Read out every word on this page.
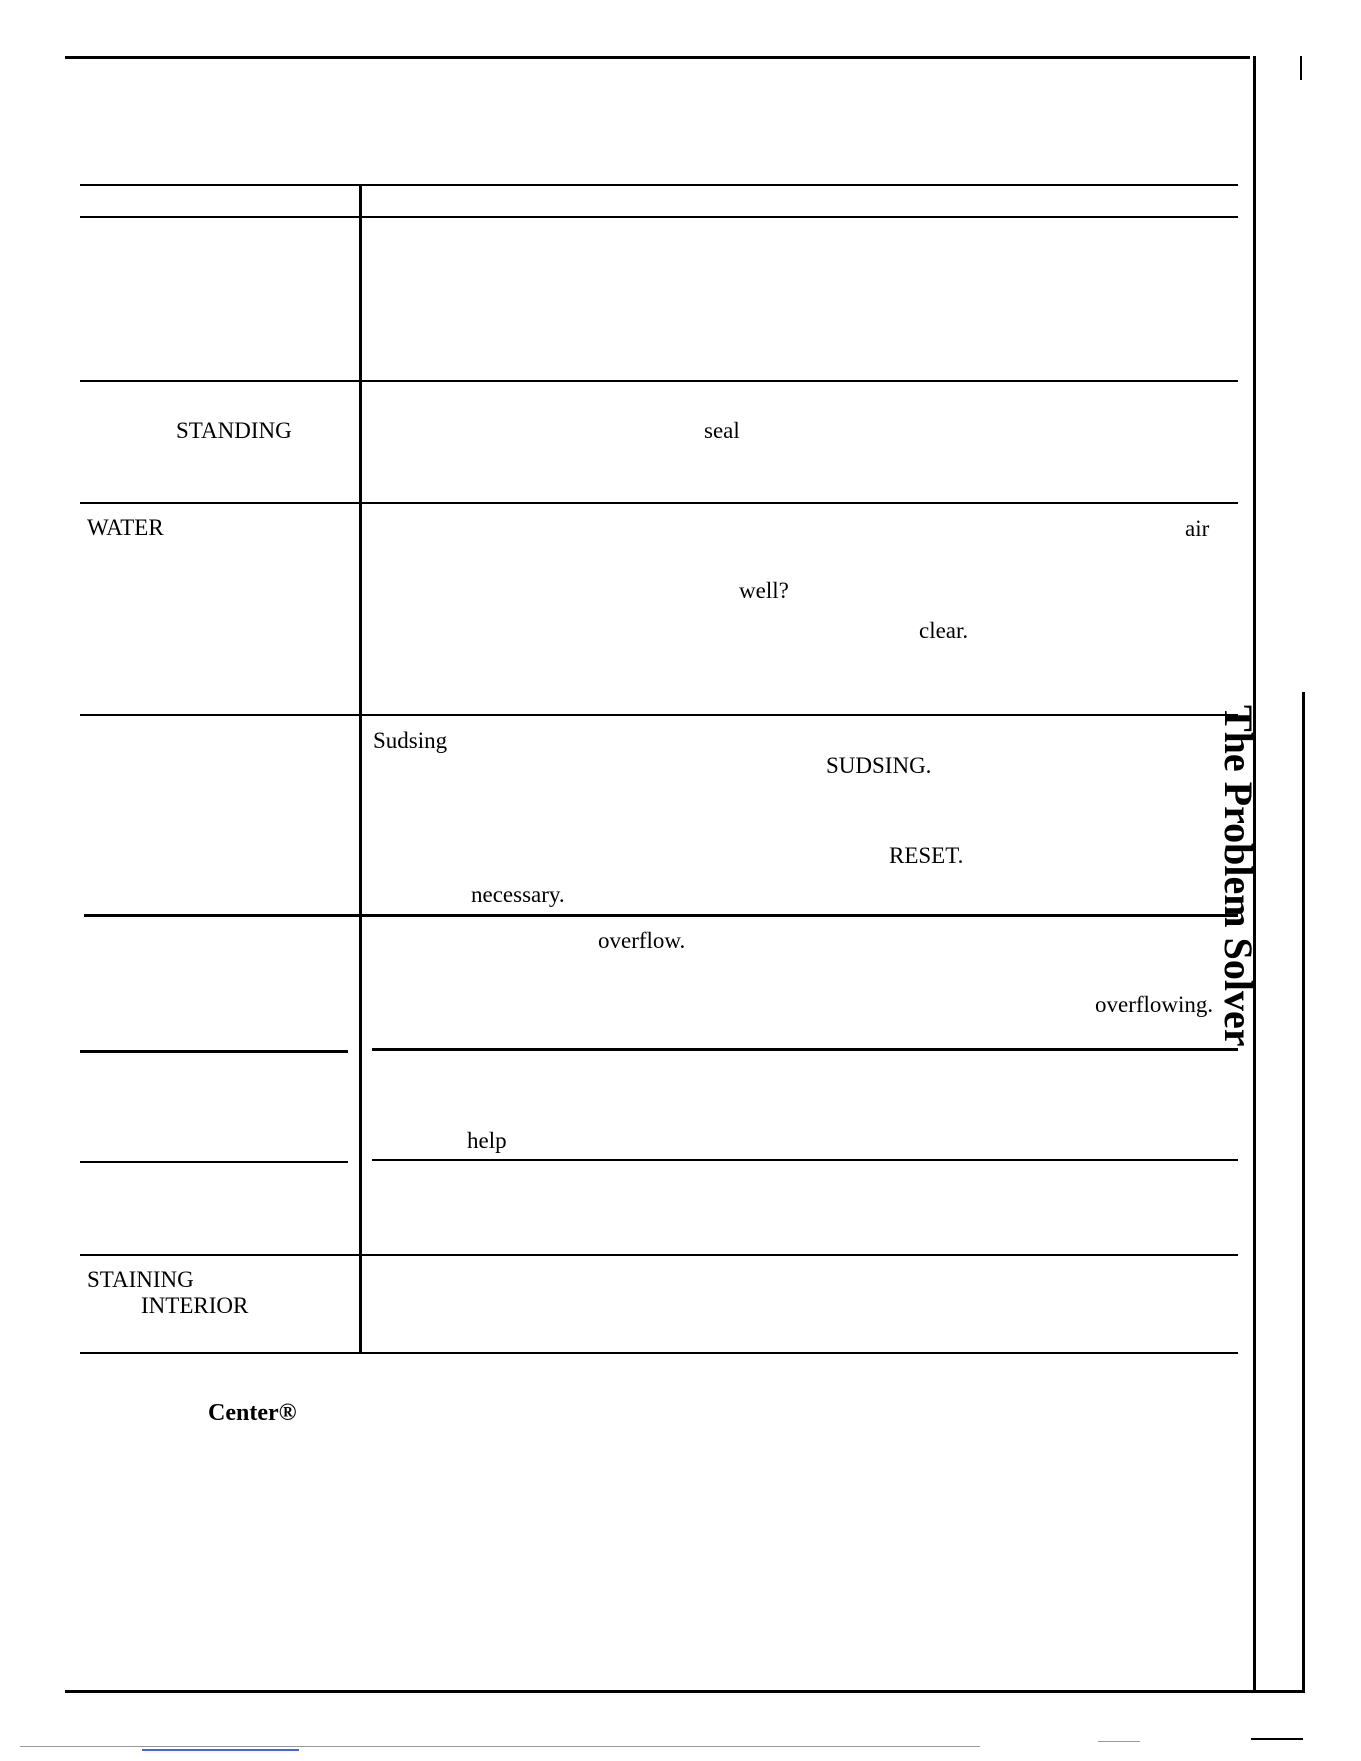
STANDING
WATER
STAINING
INTERIOR
seal
air
well?
clear.
Sudsing
SUDSING.
RESET.
necessary.
overflow.
overflowing.
help
Center®
The Problem Solver
